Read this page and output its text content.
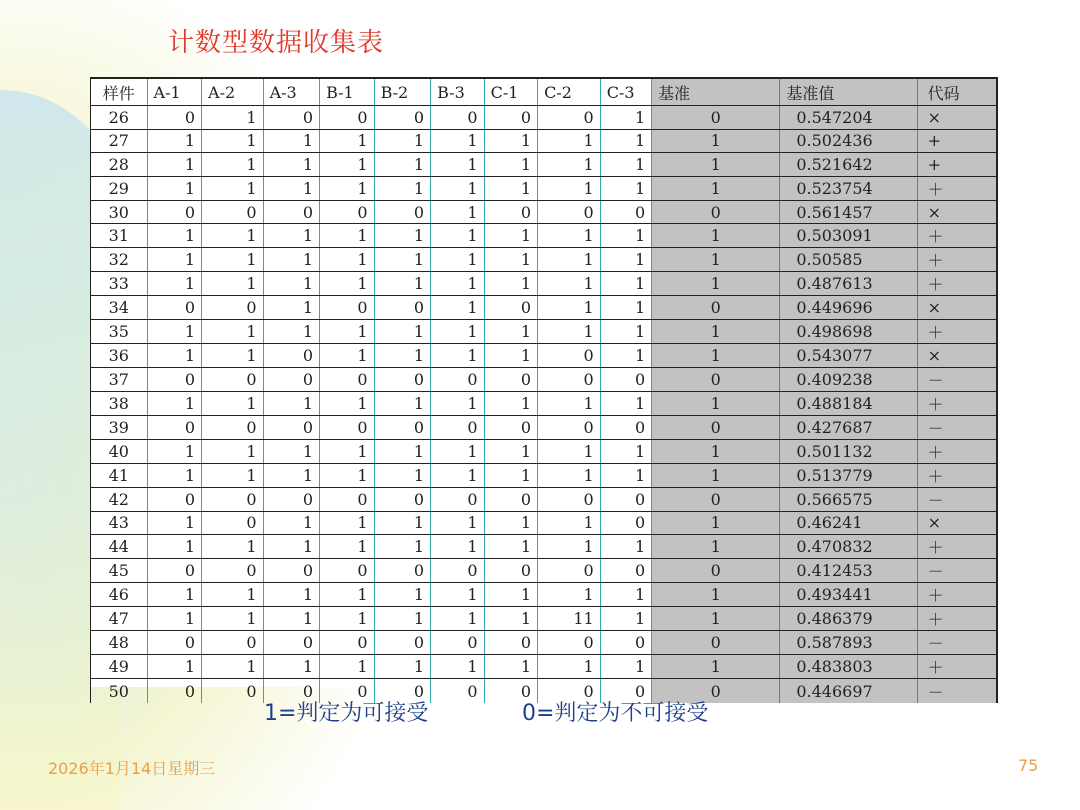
计数型数据收集表
样件	A-1	A-2	A-3	B-1	B-2	B-3	C-1	C-2	C-3	基准	基准值	代码
26	0	1	0	0	0	0	0	0	1	0	0.547204	×
27	1	1	1	1	1	1	1	1	1	1	0.502436	+
28	1	1	1	1	1	1	1	1	1	1	0.521642	+
29	1	1	1	1	1	1	1	1	1	1	0.523754	＋
30	0	0	0	0	0	1	0	0	0	0	0.561457	×
31	1	1	1	1	1	1	1	1	1	1	0.503091	＋
32	1	1	1	1	1	1	1	1	1	1	0.50585	＋
33	1	1	1	1	1	1	1	1	1	1	0.487613	＋
34	0	0	1	0	0	1	0	1	1	0	0.449696	×
35	1	1	1	1	1	1	1	1	1	1	0.498698	＋
36	1	1	0	1	1	1	1	0	1	1	0.543077	×
37	0	0	0	0	0	0	0	0	0	0	0.409238	－
38	1	1	1	1	1	1	1	1	1	1	0.488184	＋
39	0	0	0	0	0	0	0	0	0	0	0.427687	－
40	1	1	1	1	1	1	1	1	1	1	0.501132	＋
41	1	1	1	1	1	1	1	1	1	1	0.513779	＋
42	0	0	0	0	0	0	0	0	0	0	0.566575	－
43	1	0	1	1	1	1	1	1	0	1	0.46241	×
44	1	1	1	1	1	1	1	1	1	1	0.470832	＋
45	0	0	0	0	0	0	0	0	0	0	0.412453	－
46	1	1	1	1	1	1	1	1	1	1	0.493441	＋
47	1	1	1	1	1	1	1	11	1	1	0.486379	＋
48	0	0	0	0	0	0	0	0	0	0	0.587893	－
49	1	1	1	1	1	1	1	1	1	1	0.483803	＋
50	0	0	0	0	0	0	0	0	0	0	0.446697	－
1=判定为可接受	0=判定为不可接受
2026年1月14日星期三	75
